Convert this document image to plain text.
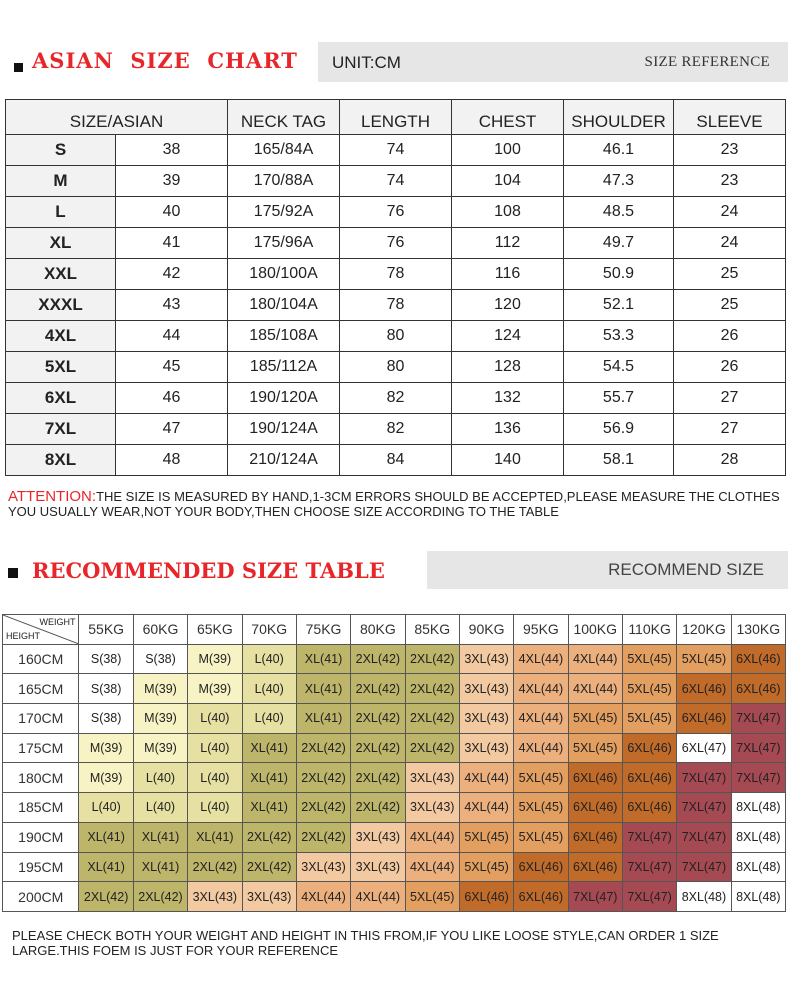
ASIAN  SIZE  CHART UNIT:CM	SIZE REFERENCE
SIZE/ASIAN		NECK TAG	LENGTH	CHEST	SHOULDER	SLEEVE
S	38	165/84A	74	100	46.1	23
M	39	170/88A	74	104	47.3	23
L	40	175/92A	76	108	48.5	24
XL	41	175/96A	76	112	49.7	24
XXL	42	180/100A	78	116	50.9	25
XXXL	43	180/104A	78	120	52.1	25
4XL	44	185/108A	80	124	53.3	26
5XL	45	185/112A	80	128	54.5	26
6XL	46	190/120A	82	132	55.7	27
7XL	47	190/124A	82	136	56.9	27
8XL	48	210/124A	84	140	58.1	28
ATTENTION:THE SIZE IS MEASURED BY HAND,1-3CM ERRORS SHOULD BE ACCEPTED,PLEASE MEASURE THE CLOTHES YOU USUALLY WEAR,NOT YOUR BODY,THEN CHOOSE SIZE ACCORDING TO THE TABLE
RECOMMENDED SIZE TABLE	RECOMMEND SIZE
WEIGHT
HEIGHT	55KG	60KG	65KG	70KG	75KG	80KG	85KG	90KG	95KG	100KG	110KG	120KG	130KG
160CM	S(38)	S(38)	M(39)	L(40)	XL(41)	2XL(42)	2XL(42)	3XL(43)	4XL(44)	4XL(44)	5XL(45)	5XL(45)	6XL(46)
165CM	S(38)	M(39)	M(39)	L(40)	XL(41)	2XL(42)	2XL(42)	3XL(43)	4XL(44)	4XL(44)	5XL(45)	6XL(46)	6XL(46)
170CM	S(38)	M(39)	L(40)	L(40)	XL(41)	2XL(42)	2XL(42)	3XL(43)	4XL(44)	5XL(45)	5XL(45)	6XL(46)	7XL(47)
175CM	M(39)	M(39)	L(40)	XL(41)	2XL(42)	2XL(42)	2XL(42)	3XL(43)	4XL(44)	5XL(45)	6XL(46)	6XL(47)	7XL(47)
180CM	M(39)	L(40)	L(40)	XL(41)	2XL(42)	2XL(42)	3XL(43)	4XL(44)	5XL(45)	6XL(46)	6XL(46)	7XL(47)	7XL(47)
185CM	L(40)	L(40)	L(40)	XL(41)	2XL(42)	2XL(42)	3XL(43)	4XL(44)	5XL(45)	6XL(46)	6XL(46)	7XL(47)	8XL(48)
190CM	XL(41)	XL(41)	XL(41)	2XL(42)	2XL(42)	3XL(43)	4XL(44)	5XL(45)	5XL(45)	6XL(46)	7XL(47)	7XL(47)	8XL(48)
195CM	XL(41)	XL(41)	2XL(42)	2XL(42)	3XL(43)	3XL(43)	4XL(44)	5XL(45)	6XL(46)	6XL(46)	7XL(47)	7XL(47)	8XL(48)
200CM	2XL(42)	2XL(42)	3XL(43)	3XL(43)	4XL(44)	4XL(44)	5XL(45)	6XL(46)	6XL(46)	7XL(47)	7XL(47)	8XL(48)	8XL(48)
PLEASE CHECK BOTH YOUR WEIGHT AND HEIGHT IN THIS FROM,IF YOU LIKE LOOSE STYLE,CAN ORDER 1 SIZE LARGE.THIS FOEM IS JUST FOR YOUR REFERENCE
